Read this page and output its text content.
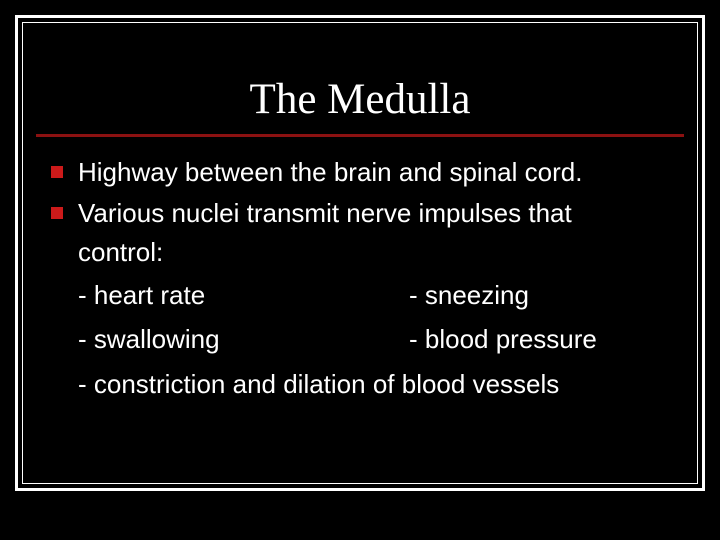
The Medulla
Highway between the brain and spinal cord.
Various nuclei transmit nerve impulses that
control:
- heart rate	- sneezing
- swallowing	- blood pressure
- constriction and dilation of blood vessels
